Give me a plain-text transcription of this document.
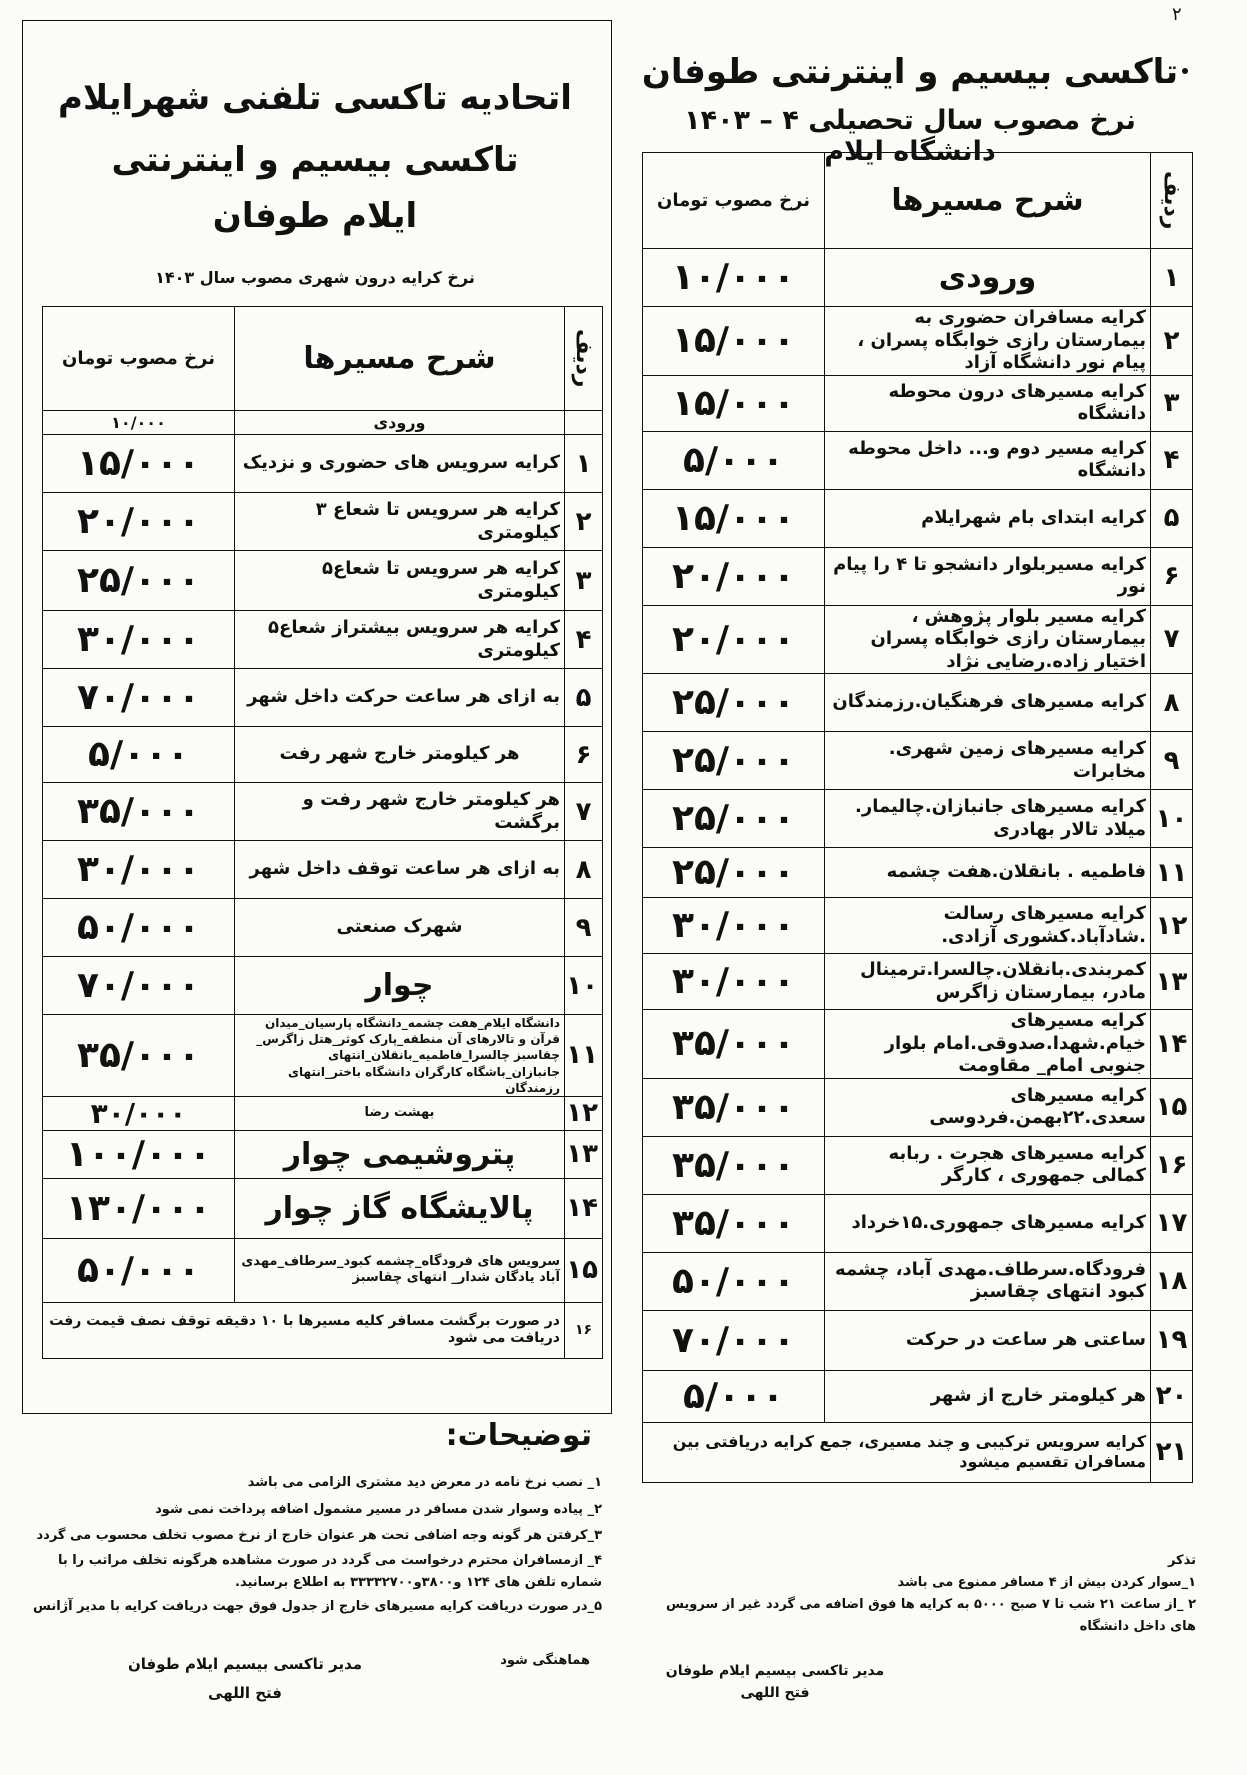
٢
تاکسی بیسیم و اینترنتی طوفان
نرخ مصوب سال تحصیلی ۴ – ۱۴۰۳ دانشگاه ایلام
ردیف	شرح مسیرها	نرخ مصوب تومان
۱	ورودی	۱۰/۰۰۰
۲	کرایه مسافران حضوری به بیمارستان رازی خوابگاه پسران ، پیام نور دانشگاه آزاد	۱۵/۰۰۰
۳	کرایه مسیرهای درون محوطه دانشگاه	۱۵/۰۰۰
۴	کرایه مسیر دوم و... داخل محوطه دانشگاه	۵/۰۰۰
۵	کرایه ابتدای بام شهرایلام	۱۵/۰۰۰
۶	کرایه مسیربلوار دانشجو تا ۴ را پیام نور	۲۰/۰۰۰
۷	کرایه مسیر بلوار پژوهش ، بیمارستان رازی خوابگاه پسران اختیار زاده.رضایی نژاد	۲۰/۰۰۰
۸	کرایه مسیرهای فرهنگیان.رزمندگان	۲۵/۰۰۰
۹	کرایه مسیرهای زمین شهری. مخابرات	۲۵/۰۰۰
۱۰	کرایه مسیرهای جانبازان.چالیمار. میلاد تالار بهادری	۲۵/۰۰۰
۱۱	فاطمیه . بانقلان.هفت چشمه	۲۵/۰۰۰
۱۲	کرایه مسیرهای رسالت .شادآباد.کشوری آزادی.	۳۰/۰۰۰
۱۳	کمربندی.بانقلان.چالسرا.ترمینال مادر، بیمارستان زاگرس	۳۰/۰۰۰
۱۴	کرایه مسیرهای خیام.شهدا.صدوقی.امام بلوار جنوبی امام_ مقاومت	۳۵/۰۰۰
۱۵	کرایه مسیرهای سعدی.۲۲بهمن.فردوسی	۳۵/۰۰۰
۱۶	کرایه مسیرهای هجرت . ربابه کمالی جمهوری ، کارگر	۳۵/۰۰۰
۱۷	کرایه مسیرهای جمهوری.۱۵خرداد	۳۵/۰۰۰
۱۸	فرودگاه.سرطاف.مهدی آباد، چشمه کبود انتهای چقاسبز	۵۰/۰۰۰
۱۹	ساعتی هر ساعت در حرکت	۷۰/۰۰۰
۲۰	هر کیلومتر خارج از شهر	۵/۰۰۰
۲۱	کرایه سرویس ترکیبی و چند مسیری، جمع کرایه دریافتی بین مسافران تقسیم میشود	
تذکر
۱_سوار کردن بیش از ۴ مسافر ممنوع می باشد
۲ _از ساعت ۲۱ شب تا ۷ صبح ۵۰۰۰ به کرایه ها فوق اضافه می گردد غیر از سرویس های داخل دانشگاه
مدیر تاکسی بیسیم ایلام طوفان
فتح اللهی
اتحادیه تاکسی تلفنی شهرایلام
تاکسی بیسیم و اینترنتی
ایلام طوفان
نرخ کرایه درون شهری مصوب سال ۱۴۰۳
ردیف	شرح مسیرها	نرخ مصوب تومان
	ورودی	۱۰/۰۰۰
۱	کرایه سرویس های حضوری و نزدیک	۱۵/۰۰۰
۲	کرایه هر سرویس تا شعاع ۳ کیلومتری	۲۰/۰۰۰
۳	کرایه هر سرویس تا شعاع۵ کیلومتری	۲۵/۰۰۰
۴	کرایه هر سرویس بیشتراز شعاع۵ کیلومتری	۳۰/۰۰۰
۵	به ازای هر ساعت حرکت داخل شهر	۷۰/۰۰۰
۶	هر کیلومتر خارج شهر رفت	۵/۰۰۰
۷	هر کیلومتر خارج شهر رفت و برگشت	۳۵/۰۰۰
۸	به ازای هر ساعت توقف داخل شهر	۳۰/۰۰۰
۹	شهرک صنعتی	۵۰/۰۰۰
۱۰	چوار	۷۰/۰۰۰
۱۱	دانشگاه ایلام_هفت چشمه_دانشگاه پارسیان_میدان قرآن و تالارهای آن منطقه_پارک کوثر_هتل زاگرس_ چقاسبز چالسرا_فاطمیه_بانقلان_انتهای جانبازان_باشگاه کارگران دانشگاه باختر_انتهای رزمندگان	۳۵/۰۰۰
۱۲	بهشت رضا	۳۰/۰۰۰
۱۳	پتروشیمی چوار	۱۰۰/۰۰۰
۱۴	پالایشگاه گاز چوار	۱۳۰/۰۰۰
۱۵	سرویس های فرودگاه_چشمه کبود_سرطاف_مهدی آباد یادگان شدار_ انتهای چقاسبز	۵۰/۰۰۰
۱۶	در صورت برگشت مسافر کلیه مسیرها با ۱۰ دقیقه توقف نصف قیمت رفت دریافت می شود	
توضیحات:
۱_ نصب نرخ نامه در معرض دید مشتری الزامی می باشد
۲_ پیاده وسوار شدن مسافر در مسیر مشمول اضافه پرداخت نمی شود
۳_کرفتن هر گونه وجه اضافی تحت هر عنوان خارج از نرخ مصوب تخلف محسوب می گردد
۴_ ازمسافران محترم درخواست می گردد در صورت مشاهده هرگونه تخلف مراتب را با شماره تلفن های ۱۲۴ و۳۸۰۰و۳۳۳۳۲۷۰۰ به اطلاع برسانید.
۵_در صورت دریافت کرایه مسیرهای خارج از جدول فوق جهت دریافت کرایه با مدیر آژانس
هماهنگی شود
مدیر تاکسی بیسیم ایلام طوفان
فتح اللهی
